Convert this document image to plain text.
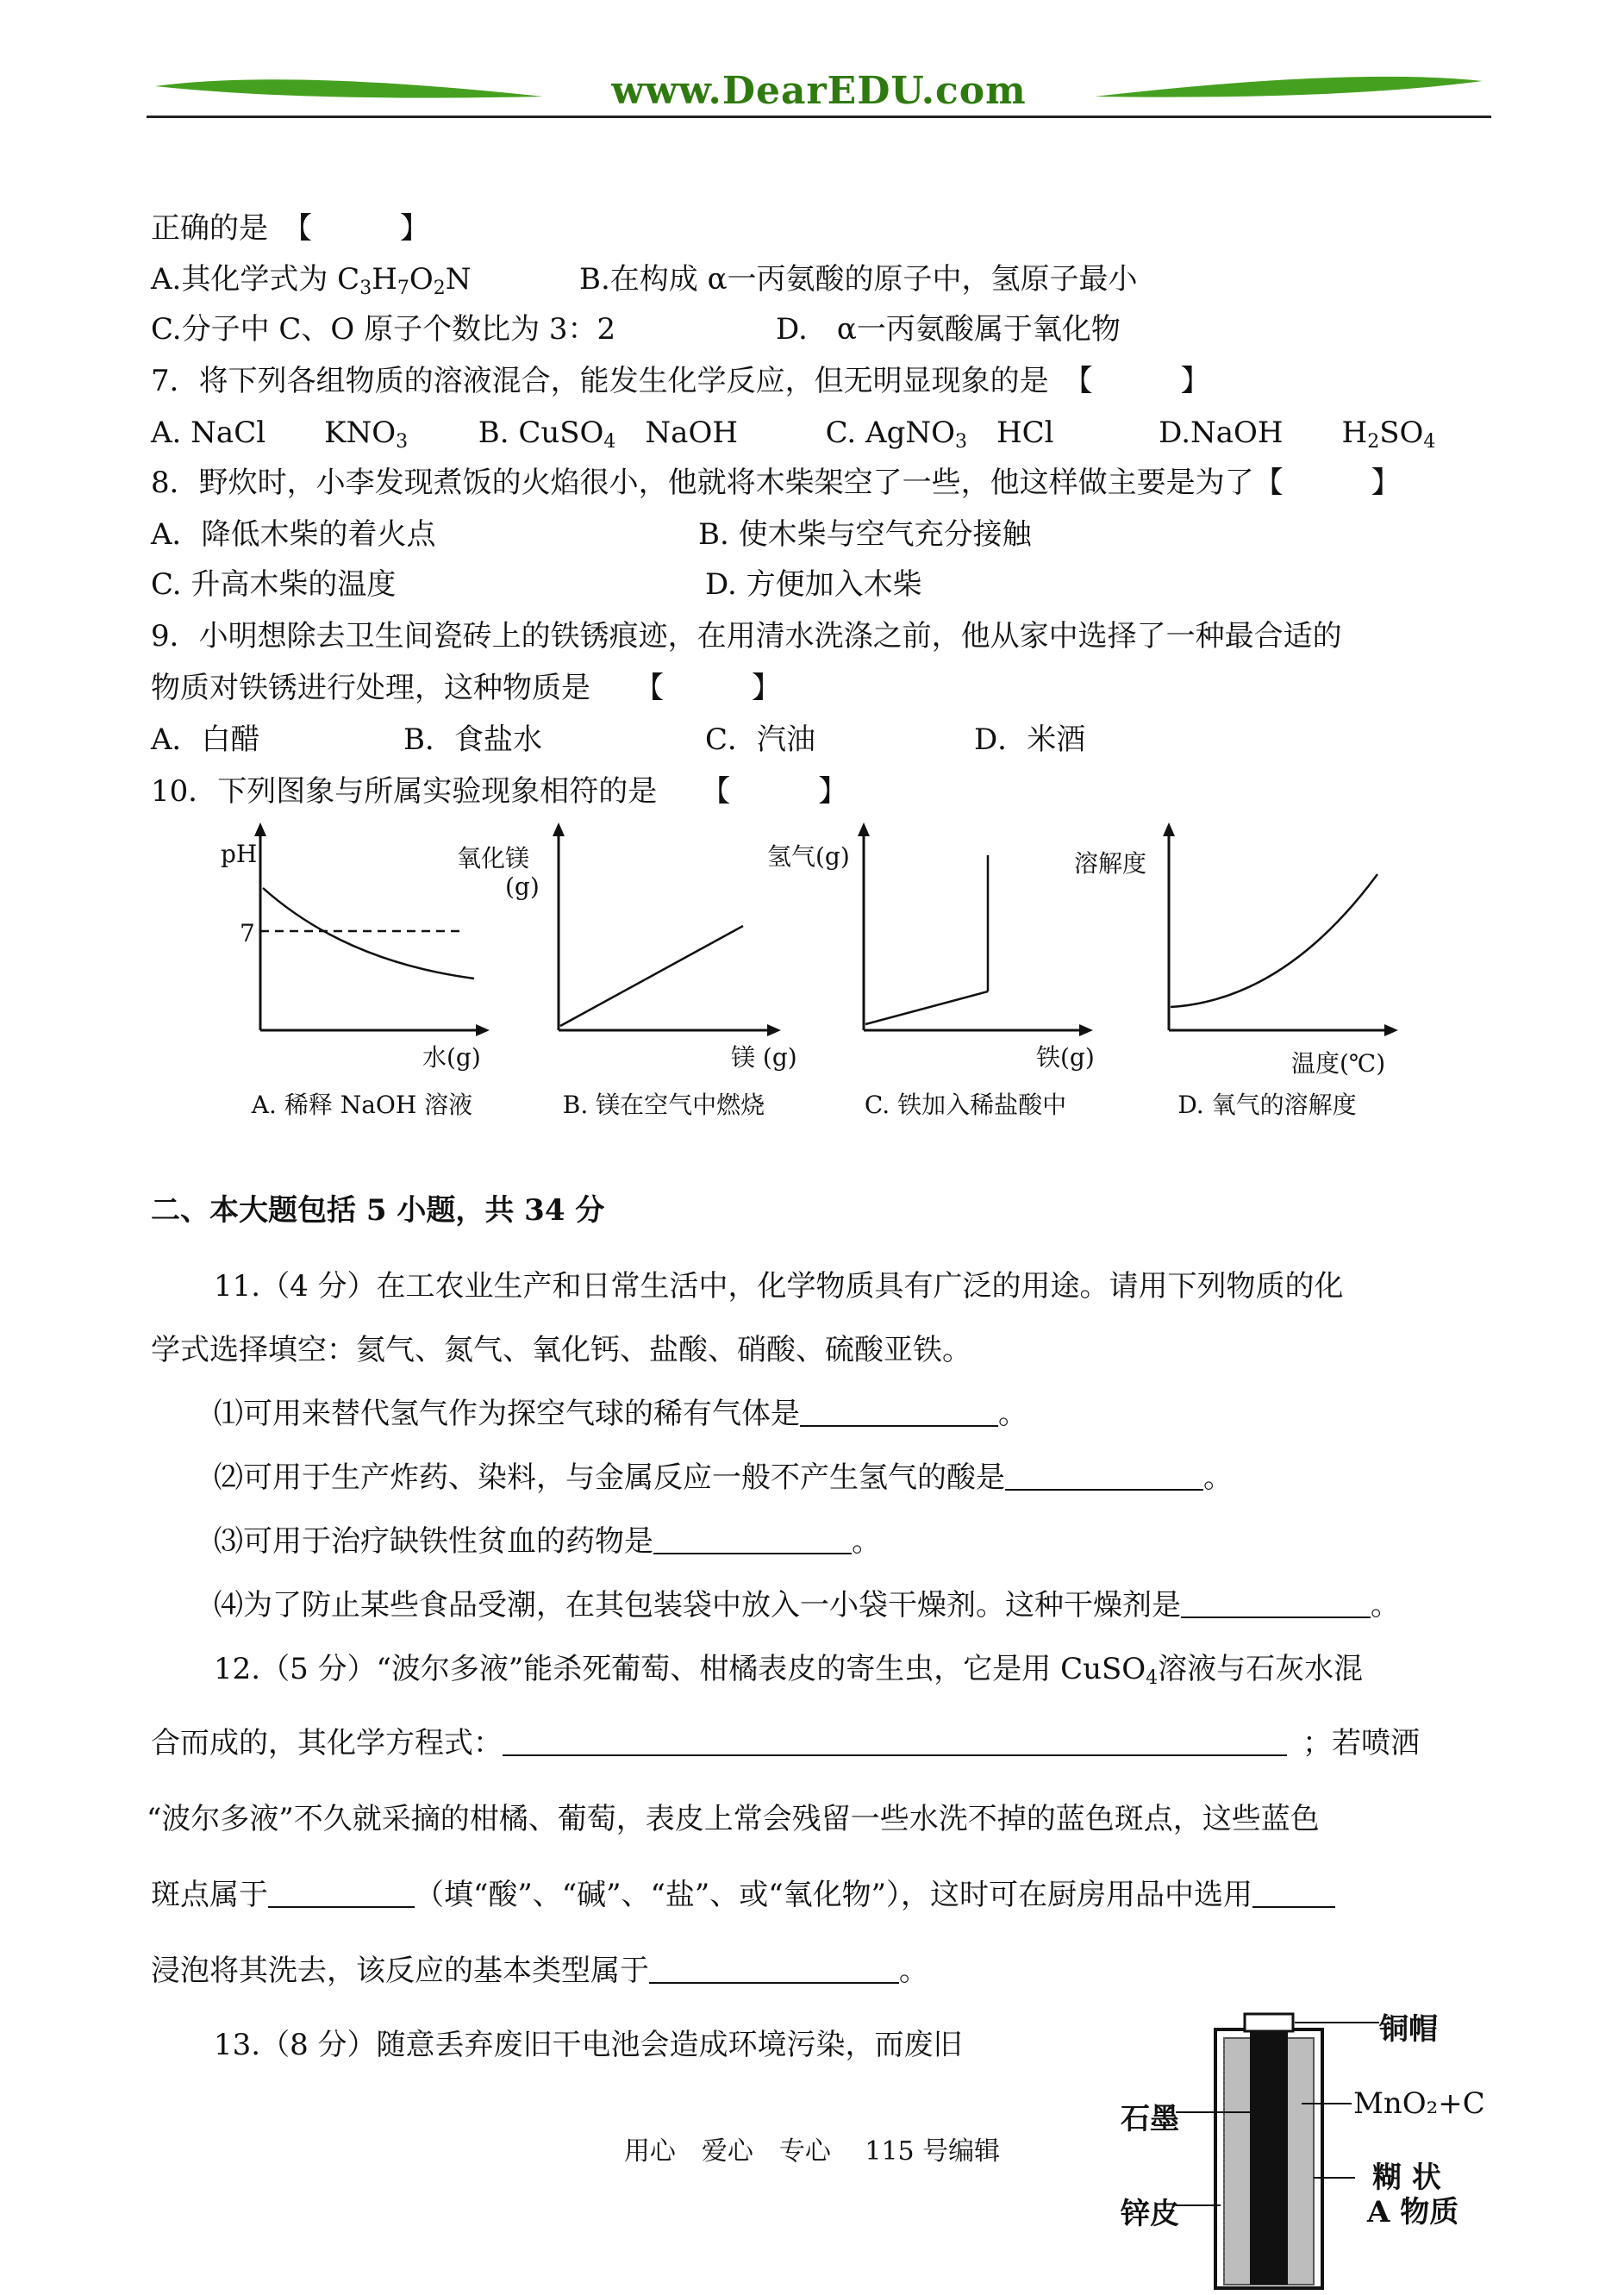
www.DearEDU.com
正确的是　【　　　】
A.其化学式为 $C_3H_7O_2N$	B.在构成 α一丙氨酸的原子中，氢原子最小
C.分子中 C、O 原子个数比为 3：2	D.　α一丙氨酸属于氧化物
7．将下列各组物质的溶液混合，能发生化学反应，但无明显现象的是　【　　　】
A. NaCl　　$KNO_3$ B. CuSO$_4$　NaOH	C. AgNO$_3$　HCl	D.NaOH　　$H_2SO_4$
8．野炊时，小李发现煮饭的火焰很小，他就将木柴架空了一些，他这样做主要是为了【　　　】
A．降低木柴的着火点	B. 使木柴与空气充分接触
C. 升高木柴的温度	D. 方便加入木柴
9．小明想除去卫生间瓷砖上的铁锈痕迹，在用清水洗涤之前，他从家中选择了一种最合适的
物质对铁锈进行处理，这种物质是　　【　　　】
A．白醋	B．食盐水	C．汽油	D．米酒
10．下列图象与所属实验现象相符的是　　【　　　】
pH
7
水(g)
A. 稀释 NaOH 溶液
氧化镁
(g)
镁 (g)
B. 镁在空气中燃烧
氢气(g)
铁(g)
C. 铁加入稀盐酸中
溶解度
温度(℃)
D. 氧气的溶解度
二、本大题包括 5 小题，共 34 分
11.（4 分）在工农业生产和日常生活中，化学物质具有广泛的用途。请用下列物质的化
学式选择填空：氦气、氮气、氧化钙、盐酸、硝酸、硫酸亚铁。
⑴可用来替代氢气作为探空气球的稀有气体是	。
⑵可用于生产炸药、染料，与金属反应一般不产生氢气的酸是	。
⑶可用于治疗缺铁性贫血的药物是	。
⑷为了防止某些食品受潮，在其包装袋中放入一小袋干燥剂。这种干燥剂是	。
12.（5 分）“波尔多液”能杀死葡萄、柑橘表皮的寄生虫，它是用 CuSO$_4$溶液与石灰水混
合而成的，其化学方程式：	；若喷洒
“波尔多液”不久就采摘的柑橘、葡萄，表皮上常会残留一些水洗不掉的蓝色斑点，这些蓝色
斑点属于	（填“酸”、“碱”、“盐”、或“氧化物”），这时可在厨房用品中选用
浸泡将其洗去，该反应的基本类型属于	。
13.（8 分）随意丢弃废旧干电池会造成环境污染，而废旧	铜帽
石墨	MnO₂+C
糊 状
A 物质
锌皮
用心　爱心　专心　 115 号编辑
